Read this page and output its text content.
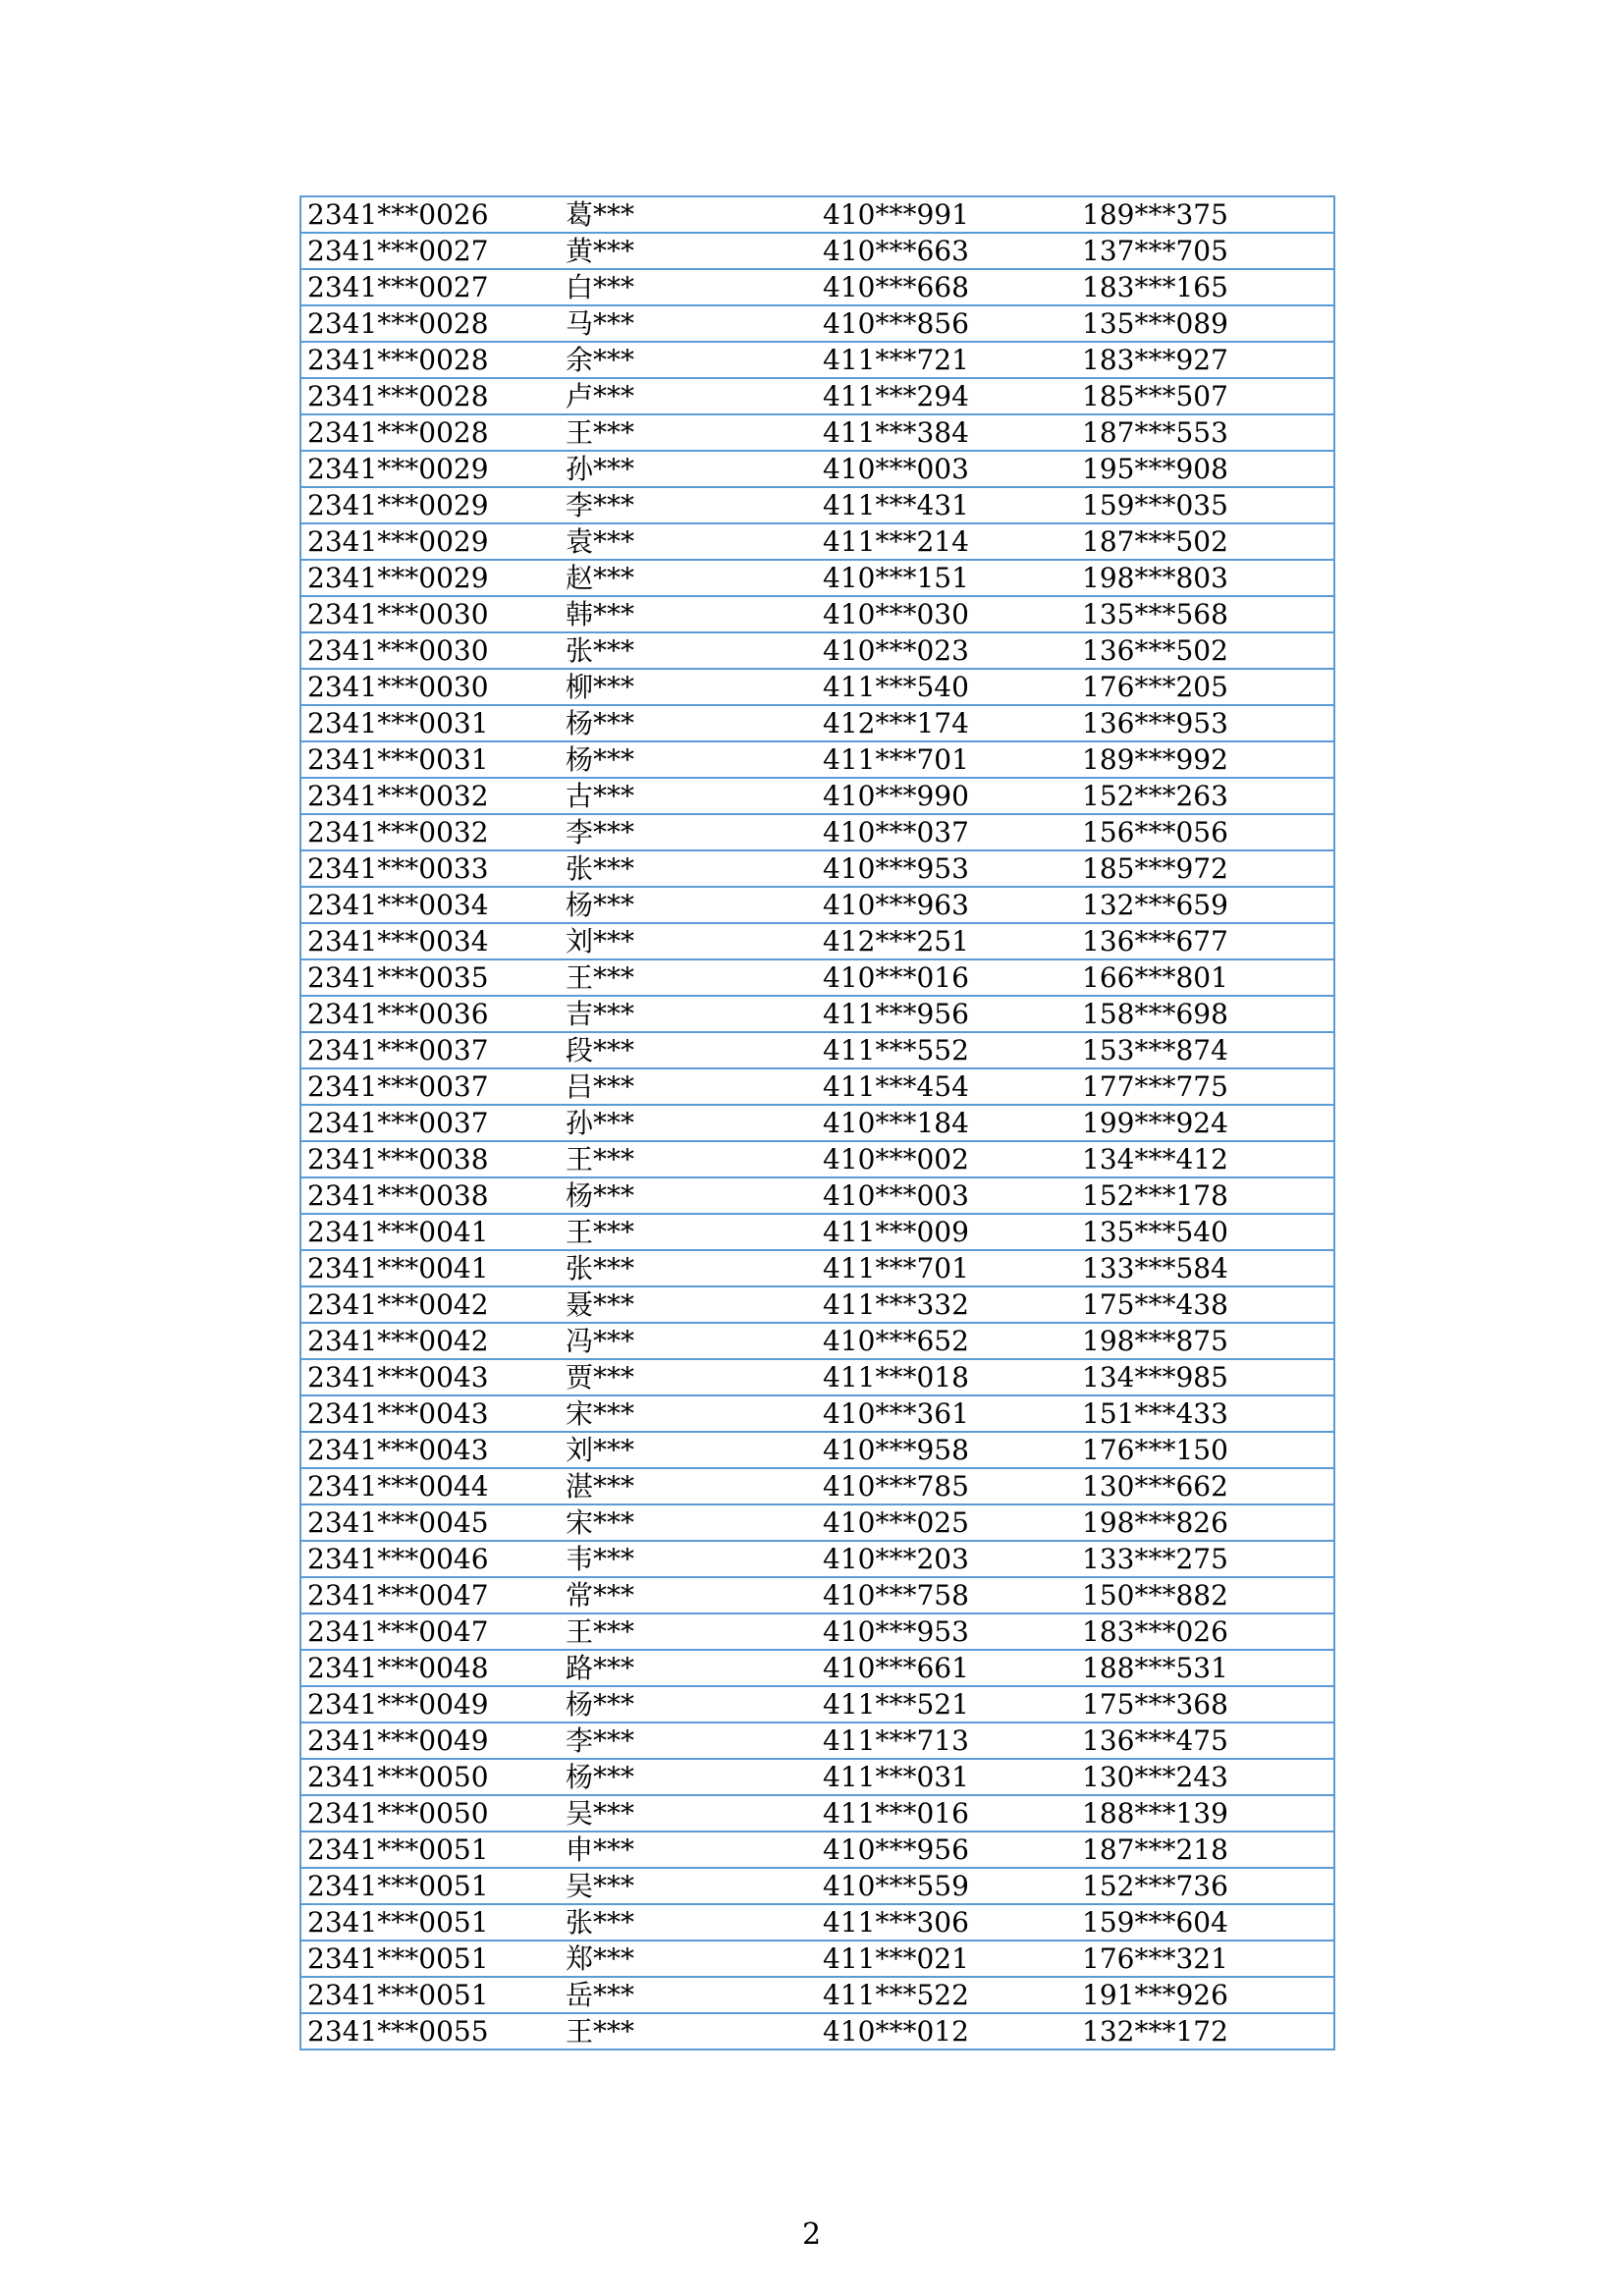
2341***0026	葛***	410***991	189***375
2341***0027	黄***	410***663	137***705
2341***0027	白***	410***668	183***165
2341***0028	马***	410***856	135***089
2341***0028	余***	411***721	183***927
2341***0028	卢***	411***294	185***507
2341***0028	王***	411***384	187***553
2341***0029	孙***	410***003	195***908
2341***0029	李***	411***431	159***035
2341***0029	袁***	411***214	187***502
2341***0029	赵***	410***151	198***803
2341***0030	韩***	410***030	135***568
2341***0030	张***	410***023	136***502
2341***0030	柳***	411***540	176***205
2341***0031	杨***	412***174	136***953
2341***0031	杨***	411***701	189***992
2341***0032	古***	410***990	152***263
2341***0032	李***	410***037	156***056
2341***0033	张***	410***953	185***972
2341***0034	杨***	410***963	132***659
2341***0034	刘***	412***251	136***677
2341***0035	王***	410***016	166***801
2341***0036	吉***	411***956	158***698
2341***0037	段***	411***552	153***874
2341***0037	吕***	411***454	177***775
2341***0037	孙***	410***184	199***924
2341***0038	王***	410***002	134***412
2341***0038	杨***	410***003	152***178
2341***0041	王***	411***009	135***540
2341***0041	张***	411***701	133***584
2341***0042	聂***	411***332	175***438
2341***0042	冯***	410***652	198***875
2341***0043	贾***	411***018	134***985
2341***0043	宋***	410***361	151***433
2341***0043	刘***	410***958	176***150
2341***0044	湛***	410***785	130***662
2341***0045	宋***	410***025	198***826
2341***0046	韦***	410***203	133***275
2341***0047	常***	410***758	150***882
2341***0047	王***	410***953	183***026
2341***0048	路***	410***661	188***531
2341***0049	杨***	411***521	175***368
2341***0049	李***	411***713	136***475
2341***0050	杨***	411***031	130***243
2341***0050	吴***	411***016	188***139
2341***0051	申***	410***956	187***218
2341***0051	吴***	410***559	152***736
2341***0051	张***	411***306	159***604
2341***0051	郑***	411***021	176***321
2341***0051	岳***	411***522	191***926
2341***0055	王***	410***012	132***172
2
